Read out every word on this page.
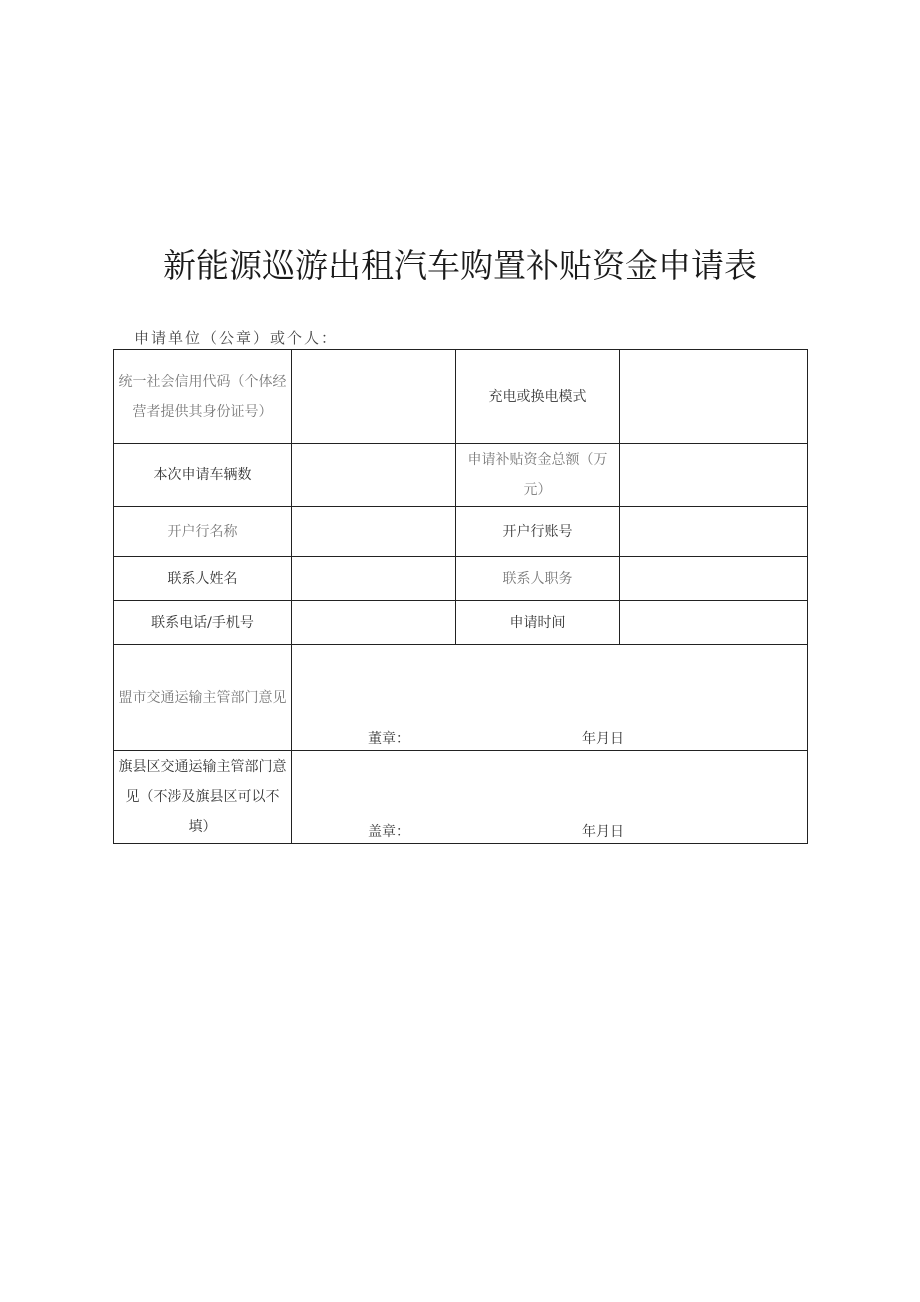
新能源巡游出租汽车购置补贴资金申请表
申请单位（公章）或个人：
统一社会信用代码（个体经营者提供其身份证号）		充电或换电模式	
本次申请车辆数		申请补贴资金总额（万元）	
开户行名称		开户行账号	
联系人姓名		联系人职务	
联系电话/手机号		申请时间	
盟市交通运输主管部门意见	董章： 年月日		

旗县区交通运输主管部门意见（不涉及旗县区可以不填）	盖章： 年月日		
